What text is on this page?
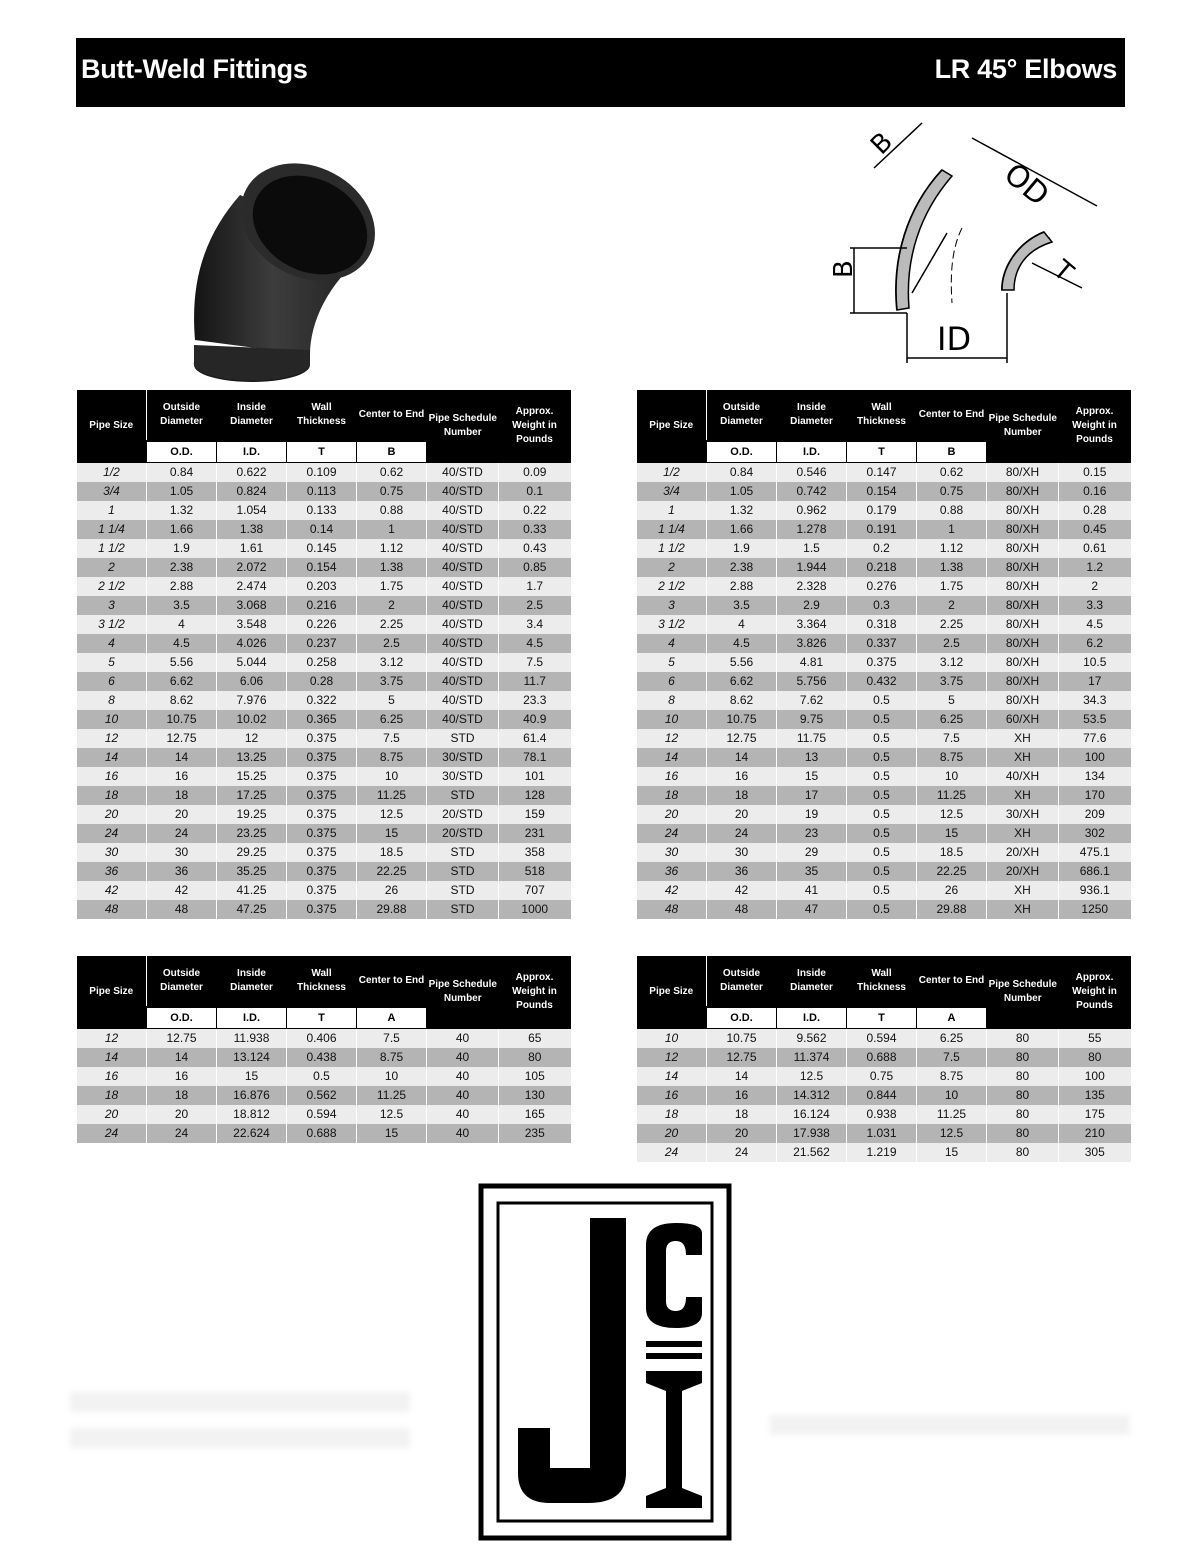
Butt-Weld Fittings	LR 45° Elbows
B
B
OD
T
ID
Pipe Size	Outside Diameter	Inside Diameter	Wall Thickness	Center to End	Pipe Schedule Number	Approx. Weight in Pounds
	O.D.	I.D.	T	B		
1/2	0.84	0.622	0.109	0.62	40/STD	0.09
3/4	1.05	0.824	0.113	0.75	40/STD	0.1
1	1.32	1.054	0.133	0.88	40/STD	0.22
1 1/4	1.66	1.38	0.14	1	40/STD	0.33
1 1/2	1.9	1.61	0.145	1.12	40/STD	0.43
2	2.38	2.072	0.154	1.38	40/STD	0.85
2 1/2	2.88	2.474	0.203	1.75	40/STD	1.7
3	3.5	3.068	0.216	2	40/STD	2.5
3 1/2	4	3.548	0.226	2.25	40/STD	3.4
4	4.5	4.026	0.237	2.5	40/STD	4.5
5	5.56	5.044	0.258	3.12	40/STD	7.5
6	6.62	6.06	0.28	3.75	40/STD	11.7
8	8.62	7.976	0.322	5	40/STD	23.3
10	10.75	10.02	0.365	6.25	40/STD	40.9
12	12.75	12	0.375	7.5	STD	61.4
14	14	13.25	0.375	8.75	30/STD	78.1
16	16	15.25	0.375	10	30/STD	101
18	18	17.25	0.375	11.25	STD	128
20	20	19.25	0.375	12.5	20/STD	159
24	24	23.25	0.375	15	20/STD	231
30	30	29.25	0.375	18.5	STD	358
36	36	35.25	0.375	22.25	STD	518
42	42	41.25	0.375	26	STD	707
48	48	47.25	0.375	29.88	STD	1000
Pipe Size	Outside Diameter	Inside Diameter	Wall Thickness	Center to End	Pipe Schedule Number	Approx. Weight in Pounds
	O.D.	I.D.	T	B		
1/2	0.84	0.546	0.147	0.62	80/XH	0.15
3/4	1.05	0.742	0.154	0.75	80/XH	0.16
1	1.32	0.962	0.179	0.88	80/XH	0.28
1 1/4	1.66	1.278	0.191	1	80/XH	0.45
1 1/2	1.9	1.5	0.2	1.12	80/XH	0.61
2	2.38	1.944	0.218	1.38	80/XH	1.2
2 1/2	2.88	2.328	0.276	1.75	80/XH	2
3	3.5	2.9	0.3	2	80/XH	3.3
3 1/2	4	3.364	0.318	2.25	80/XH	4.5
4	4.5	3.826	0.337	2.5	80/XH	6.2
5	5.56	4.81	0.375	3.12	80/XH	10.5
6	6.62	5.756	0.432	3.75	80/XH	17
8	8.62	7.62	0.5	5	80/XH	34.3
10	10.75	9.75	0.5	6.25	60/XH	53.5
12	12.75	11.75	0.5	7.5	XH	77.6
14	14	13	0.5	8.75	XH	100
16	16	15	0.5	10	40/XH	134
18	18	17	0.5	11.25	XH	170
20	20	19	0.5	12.5	30/XH	209
24	24	23	0.5	15	XH	302
30	30	29	0.5	18.5	20/XH	475.1
36	36	35	0.5	22.25	20/XH	686.1
42	42	41	0.5	26	XH	936.1
48	48	47	0.5	29.88	XH	1250
Pipe Size	Outside Diameter	Inside Diameter	Wall Thickness	Center to End	Pipe Schedule Number	Approx. Weight in Pounds
	O.D.	I.D.	T	A		
12	12.75	11.938	0.406	7.5	40	65
14	14	13.124	0.438	8.75	40	80
16	16	15	0.5	10	40	105
18	18	16.876	0.562	11.25	40	130
20	20	18.812	0.594	12.5	40	165
24	24	22.624	0.688	15	40	235
Pipe Size	Outside Diameter	Inside Diameter	Wall Thickness	Center to End	Pipe Schedule Number	Approx. Weight in Pounds
	O.D.	I.D.	T	A		
10	10.75	9.562	0.594	6.25	80	55
12	12.75	11.374	0.688	7.5	80	80
14	14	12.5	0.75	8.75	80	100
16	16	14.312	0.844	10	80	135
18	18	16.124	0.938	11.25	80	175
20	20	17.938	1.031	12.5	80	210
24	24	21.562	1.219	15	80	305
